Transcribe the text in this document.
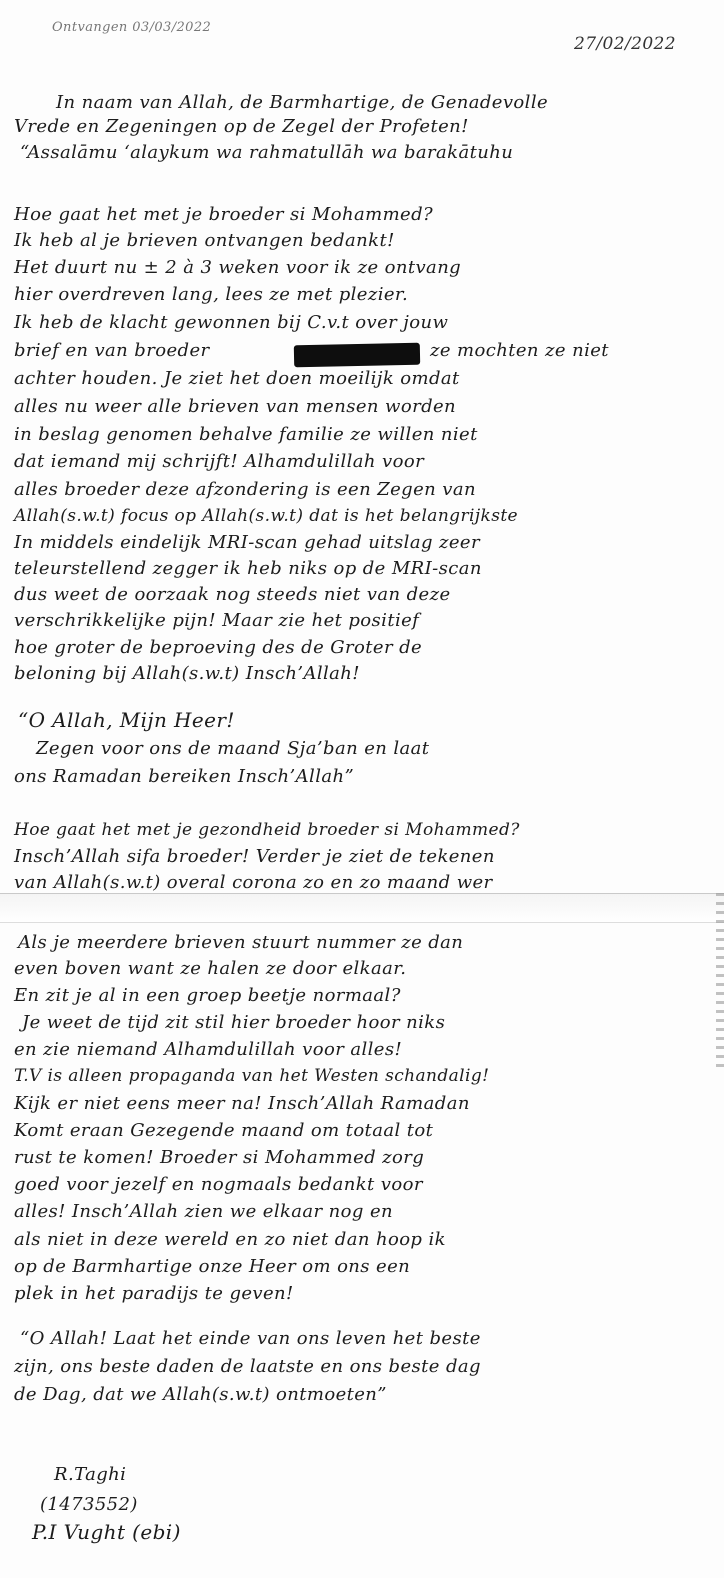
Ontvangen 03/03/2022
27/02/2022
In naam van Allah, de Barmhartige, de Genadevolle
Vrede en Zegeningen op de Zegel der Profeten!
“Assalāmu ‘alaykum wa rahmatullāh wa barakātuhu
Hoe gaat het met je broeder si Mohammed?
Ik heb al je brieven ontvangen bedankt!
Het duurt nu ± 2 à 3 weken voor ik ze ontvang
hier overdreven lang, lees ze met plezier.
Ik heb de klacht gewonnen bij C.v.t over jouw
brief en van broeder	ze mochten ze niet
achter houden. Je ziet het doen moeilijk omdat
alles nu weer alle brieven van mensen worden
in beslag genomen behalve familie ze willen niet
dat iemand mij schrijft! Alhamdulillah voor
alles broeder deze afzondering is een Zegen van
Allah(s.w.t) focus op Allah(s.w.t) dat is het belangrijkste
In middels eindelijk MRI-scan gehad uitslag zeer
teleurstellend zegger ik heb niks op de MRI-scan
dus weet de oorzaak nog steeds niet van deze
verschrikkelijke pijn! Maar zie het positief
hoe groter de beproeving des de Groter de
beloning bij Allah(s.w.t) Insch’Allah!
“O Allah, Mijn Heer!
Zegen voor ons de maand Sja’ban en laat
ons Ramadan bereiken Insch’Allah”
Hoe gaat het met je gezondheid broeder si Mohammed?
Insch’Allah sifa broeder! Verder je ziet de tekenen
van Allah(s.w.t) overal corona zo en zo maand wer
Als je meerdere brieven stuurt nummer ze dan
even boven want ze halen ze door elkaar.
En zit je al in een groep beetje normaal?
Je weet de tijd zit stil hier broeder hoor niks
en zie niemand Alhamdulillah voor alles!
T.V is alleen propaganda van het Westen schandalig!
Kijk er niet eens meer na! Insch’Allah Ramadan
Komt eraan Gezegende maand om totaal tot
rust te komen! Broeder si Mohammed zorg
goed voor jezelf en nogmaals bedankt voor
alles! Insch’Allah zien we elkaar nog en
als niet in deze wereld en zo niet dan hoop ik
op de Barmhartige onze Heer om ons een
plek in het paradijs te geven!
“O Allah! Laat het einde van ons leven het beste
zijn, ons beste daden de laatste en ons beste dag
de Dag, dat we Allah(s.w.t) ontmoeten”
R.Taghi
(1473552)
P.I Vught (ebi)
